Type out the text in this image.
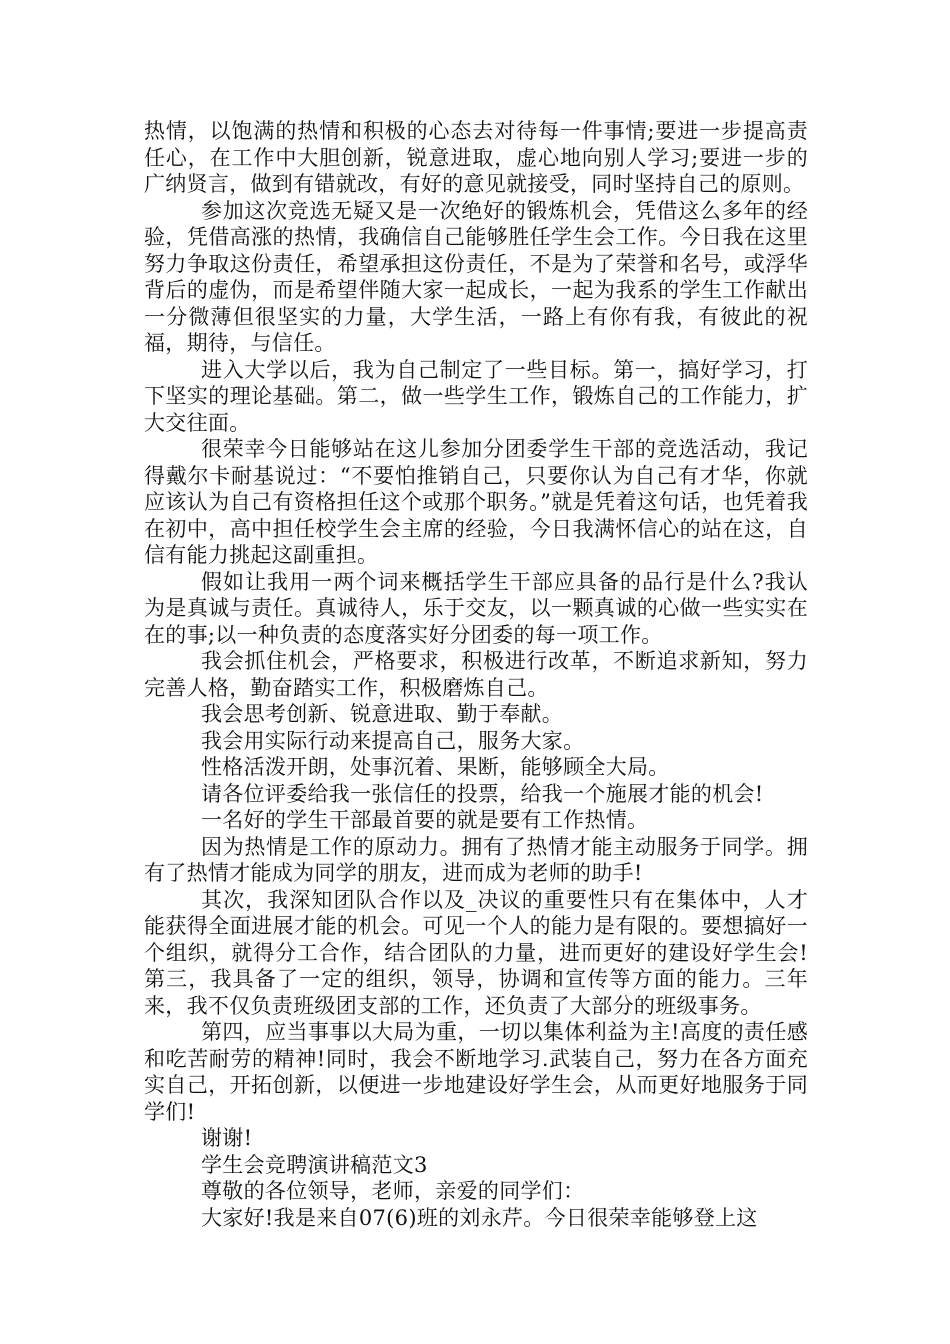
热情，以饱满的热情和积极的心态去对待每一件事情;要进一步提高责任心，在工作中大胆创新，锐意进取，虚心地向别人学习;要进一步的广纳贤言，做到有错就改，有好的意见就接受，同时坚持自己的原则。

参加这次竞选无疑又是一次绝好的锻炼机会，凭借这么多年的经验，凭借高涨的热情，我确信自己能够胜任学生会工作。今日我在这里努力争取这份责任，希望承担这份责任，不是为了荣誉和名号，或浮华背后的虚伪，而是希望伴随大家一起成长，一起为我系的学生工作献出一分微薄但很坚实的力量，大学生活，一路上有你有我，有彼此的祝福，期待，与信任。

进入大学以后，我为自己制定了一些目标。第一，搞好学习，打下坚实的理论基础。第二，做一些学生工作，锻炼自己的工作能力，扩大交往面。

很荣幸今日能够站在这儿参加分团委学生干部的竞选活动，我记得戴尔卡耐基说过：“不要怕推销自己，只要你认为自己有才华，你就应该认为自己有资格担任这个或那个职务。”就是凭着这句话，也凭着我在初中，高中担任校学生会主席的经验，今日我满怀信心的站在这，自信有能力挑起这副重担。

假如让我用一两个词来概括学生干部应具备的品行是什么?我认为是真诚与责任。真诚待人，乐于交友，以一颗真诚的心做一些实实在在的事;以一种负责的态度落实好分团委的每一项工作。

我会抓住机会，严格要求，积极进行改革，不断追求新知，努力完善人格，勤奋踏实工作，积极磨炼自己。

我会思考创新、锐意进取、勤于奉献。

我会用实际行动来提高自己，服务大家。

性格活泼开朗，处事沉着、果断，能够顾全大局。

请各位评委给我一张信任的投票，给我一个施展才能的机会!

一名好的学生干部最首要的就是要有工作热情。

因为热情是工作的原动力。拥有了热情才能主动服务于同学。拥有了热情才能成为同学的朋友，进而成为老师的助手!

其次，我深知团队合作以及_决议的重要性只有在集体中，人才能获得全面进展才能的机会。可见一个人的能力是有限的。要想搞好一个组织，就得分工合作，结合团队的力量，进而更好的建设好学生会!第三，我具备了一定的组织，领导，协调和宣传等方面的能力。三年来，我不仅负责班级团支部的工作，还负责了大部分的班级事务。

第四，应当事事以大局为重，一切以集体利益为主!高度的责任感和吃苦耐劳的精神!同时，我会不断地学习.武装自己，努力在各方面充实自己，开拓创新，以便进一步地建设好学生会，从而更好地服务于同学们!

谢谢!

学生会竞聘演讲稿范文3

尊敬的各位领导，老师，亲爱的同学们：

大家好!我是来自07(6)班的刘永芹。今日很荣幸能够登上这
